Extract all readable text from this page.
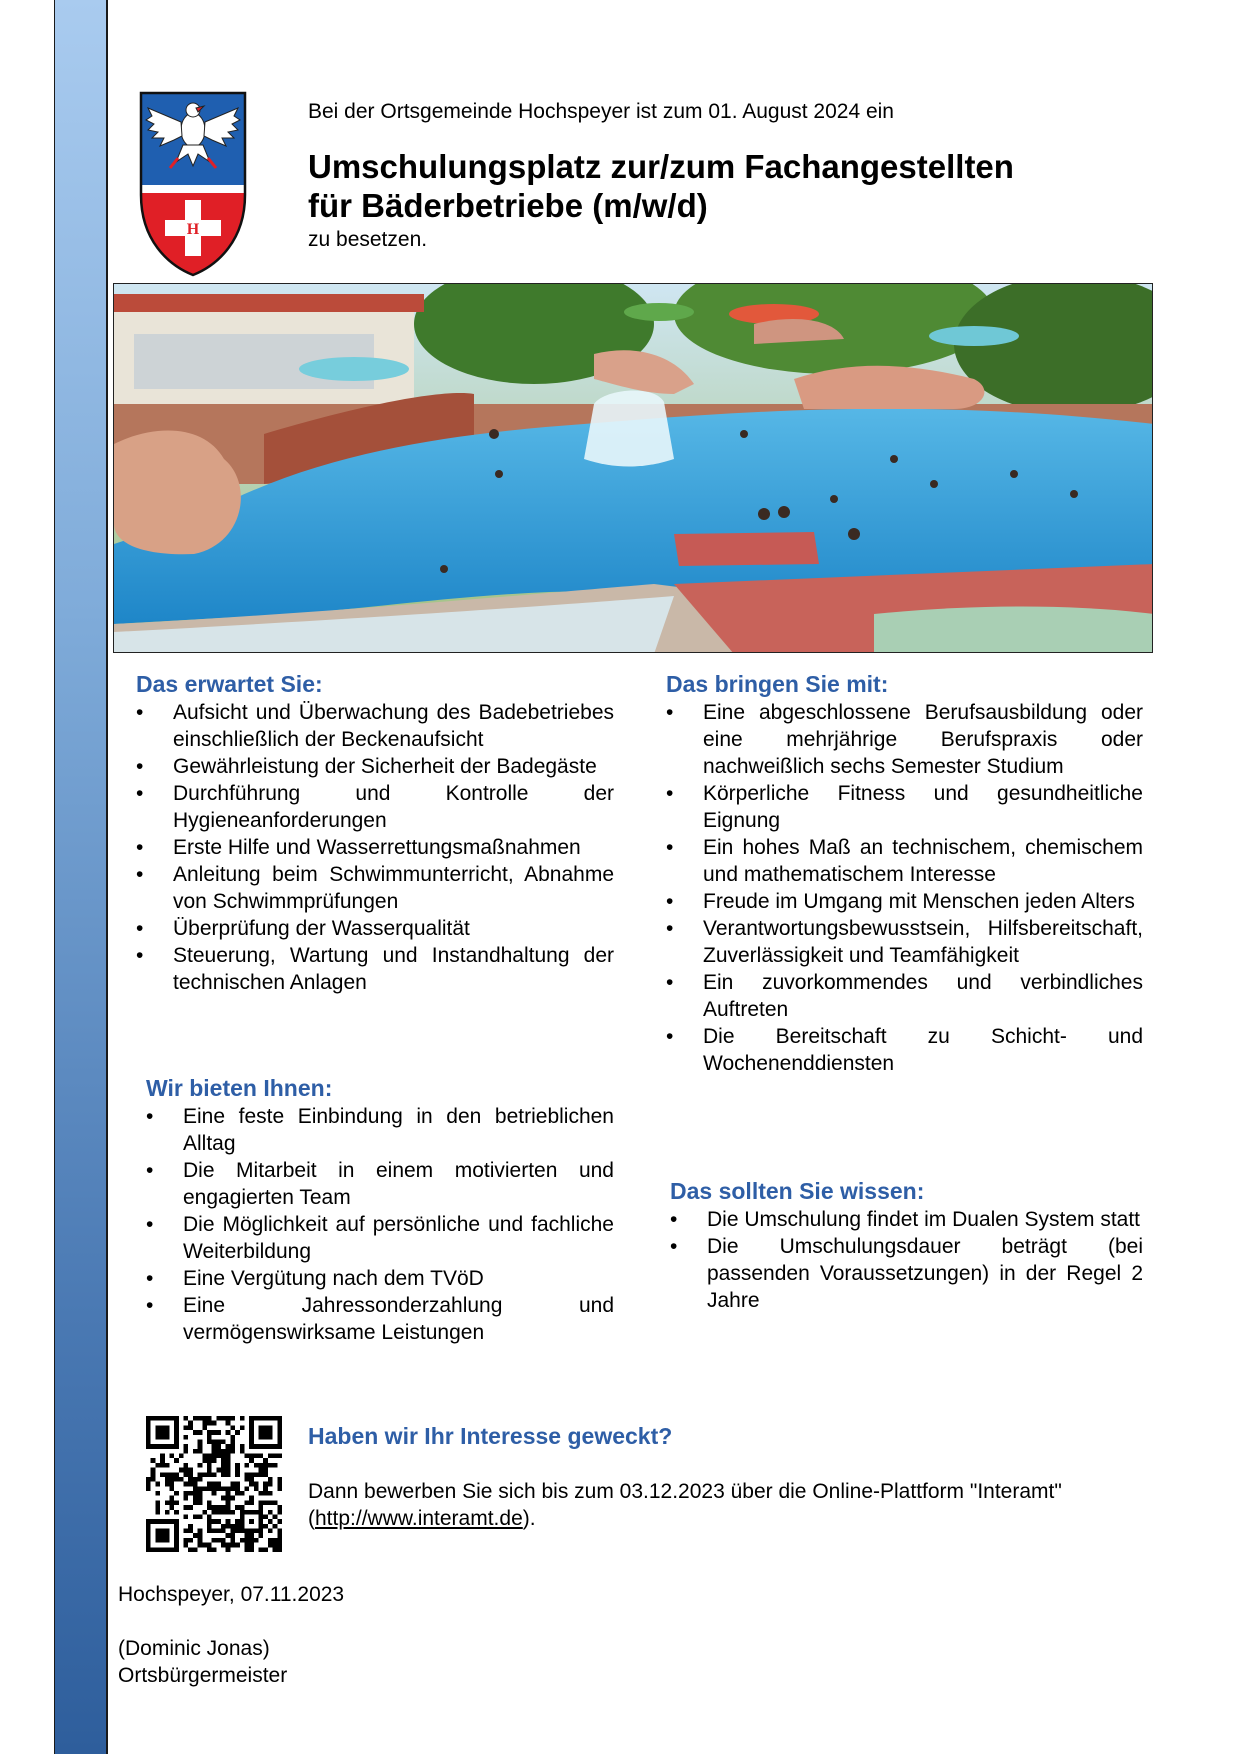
H
Bei der Ortsgemeinde Hochspeyer ist zum 01. August 2024 ein
Umschulungsplatz zur/zum Fachangestellten
für Bäderbetriebe (m/w/d)
zu besetzen.
Das erwartet Sie:
• Aufsicht und Überwachung des Badebetriebes einschließlich der Beckenaufsicht
• Gewährleistung der Sicherheit der Badegäste
• Durchführung und Kontrolle der Hygieneanforderungen
• Erste Hilfe und Wasserrettungsmaßnahmen
• Anleitung beim Schwimmunterricht, Abnahme von Schwimmprüfungen
• Überprüfung der Wasserqualität
• Steuerung, Wartung und Instandhaltung der technischen Anlagen
Wir bieten Ihnen:
• Eine feste Einbindung in den betrieblichen Alltag
• Die Mitarbeit in einem motivierten und engagierten Team
• Die Möglichkeit auf persönliche und fachliche Weiterbildung
• Eine Vergütung nach dem TVöD
• Eine Jahressonderzahlung und vermögenswirksame Leistungen
Das bringen Sie mit:
• Eine abgeschlossene Berufsausbildung oder eine mehrjährige Berufspraxis oder nachweißlich sechs Semester Studium
• Körperliche Fitness und gesundheitliche Eignung
• Ein hohes Maß an technischem, chemischem und mathematischem Interesse
• Freude im Umgang mit Menschen jeden Alters
• Verantwortungsbewusstsein, Hilfsbereitschaft, Zuverlässigkeit und Teamfähigkeit
• Ein zuvorkommendes und verbindliches Auftreten
• Die Bereitschaft zu Schicht- und Wochenenddiensten
Das sollten Sie wissen:
• Die Umschulung findet im Dualen System statt
• Die Umschulungsdauer beträgt (bei passenden Voraussetzungen) in der Regel 2 Jahre
Haben wir Ihr Interesse geweckt?
Dann bewerben Sie sich bis zum 03.12.2023 über die Online-Plattform "Interamt" (http://www.interamt.de).
Hochspeyer, 07.11.2023
(Dominic Jonas)
Ortsbürgermeister
